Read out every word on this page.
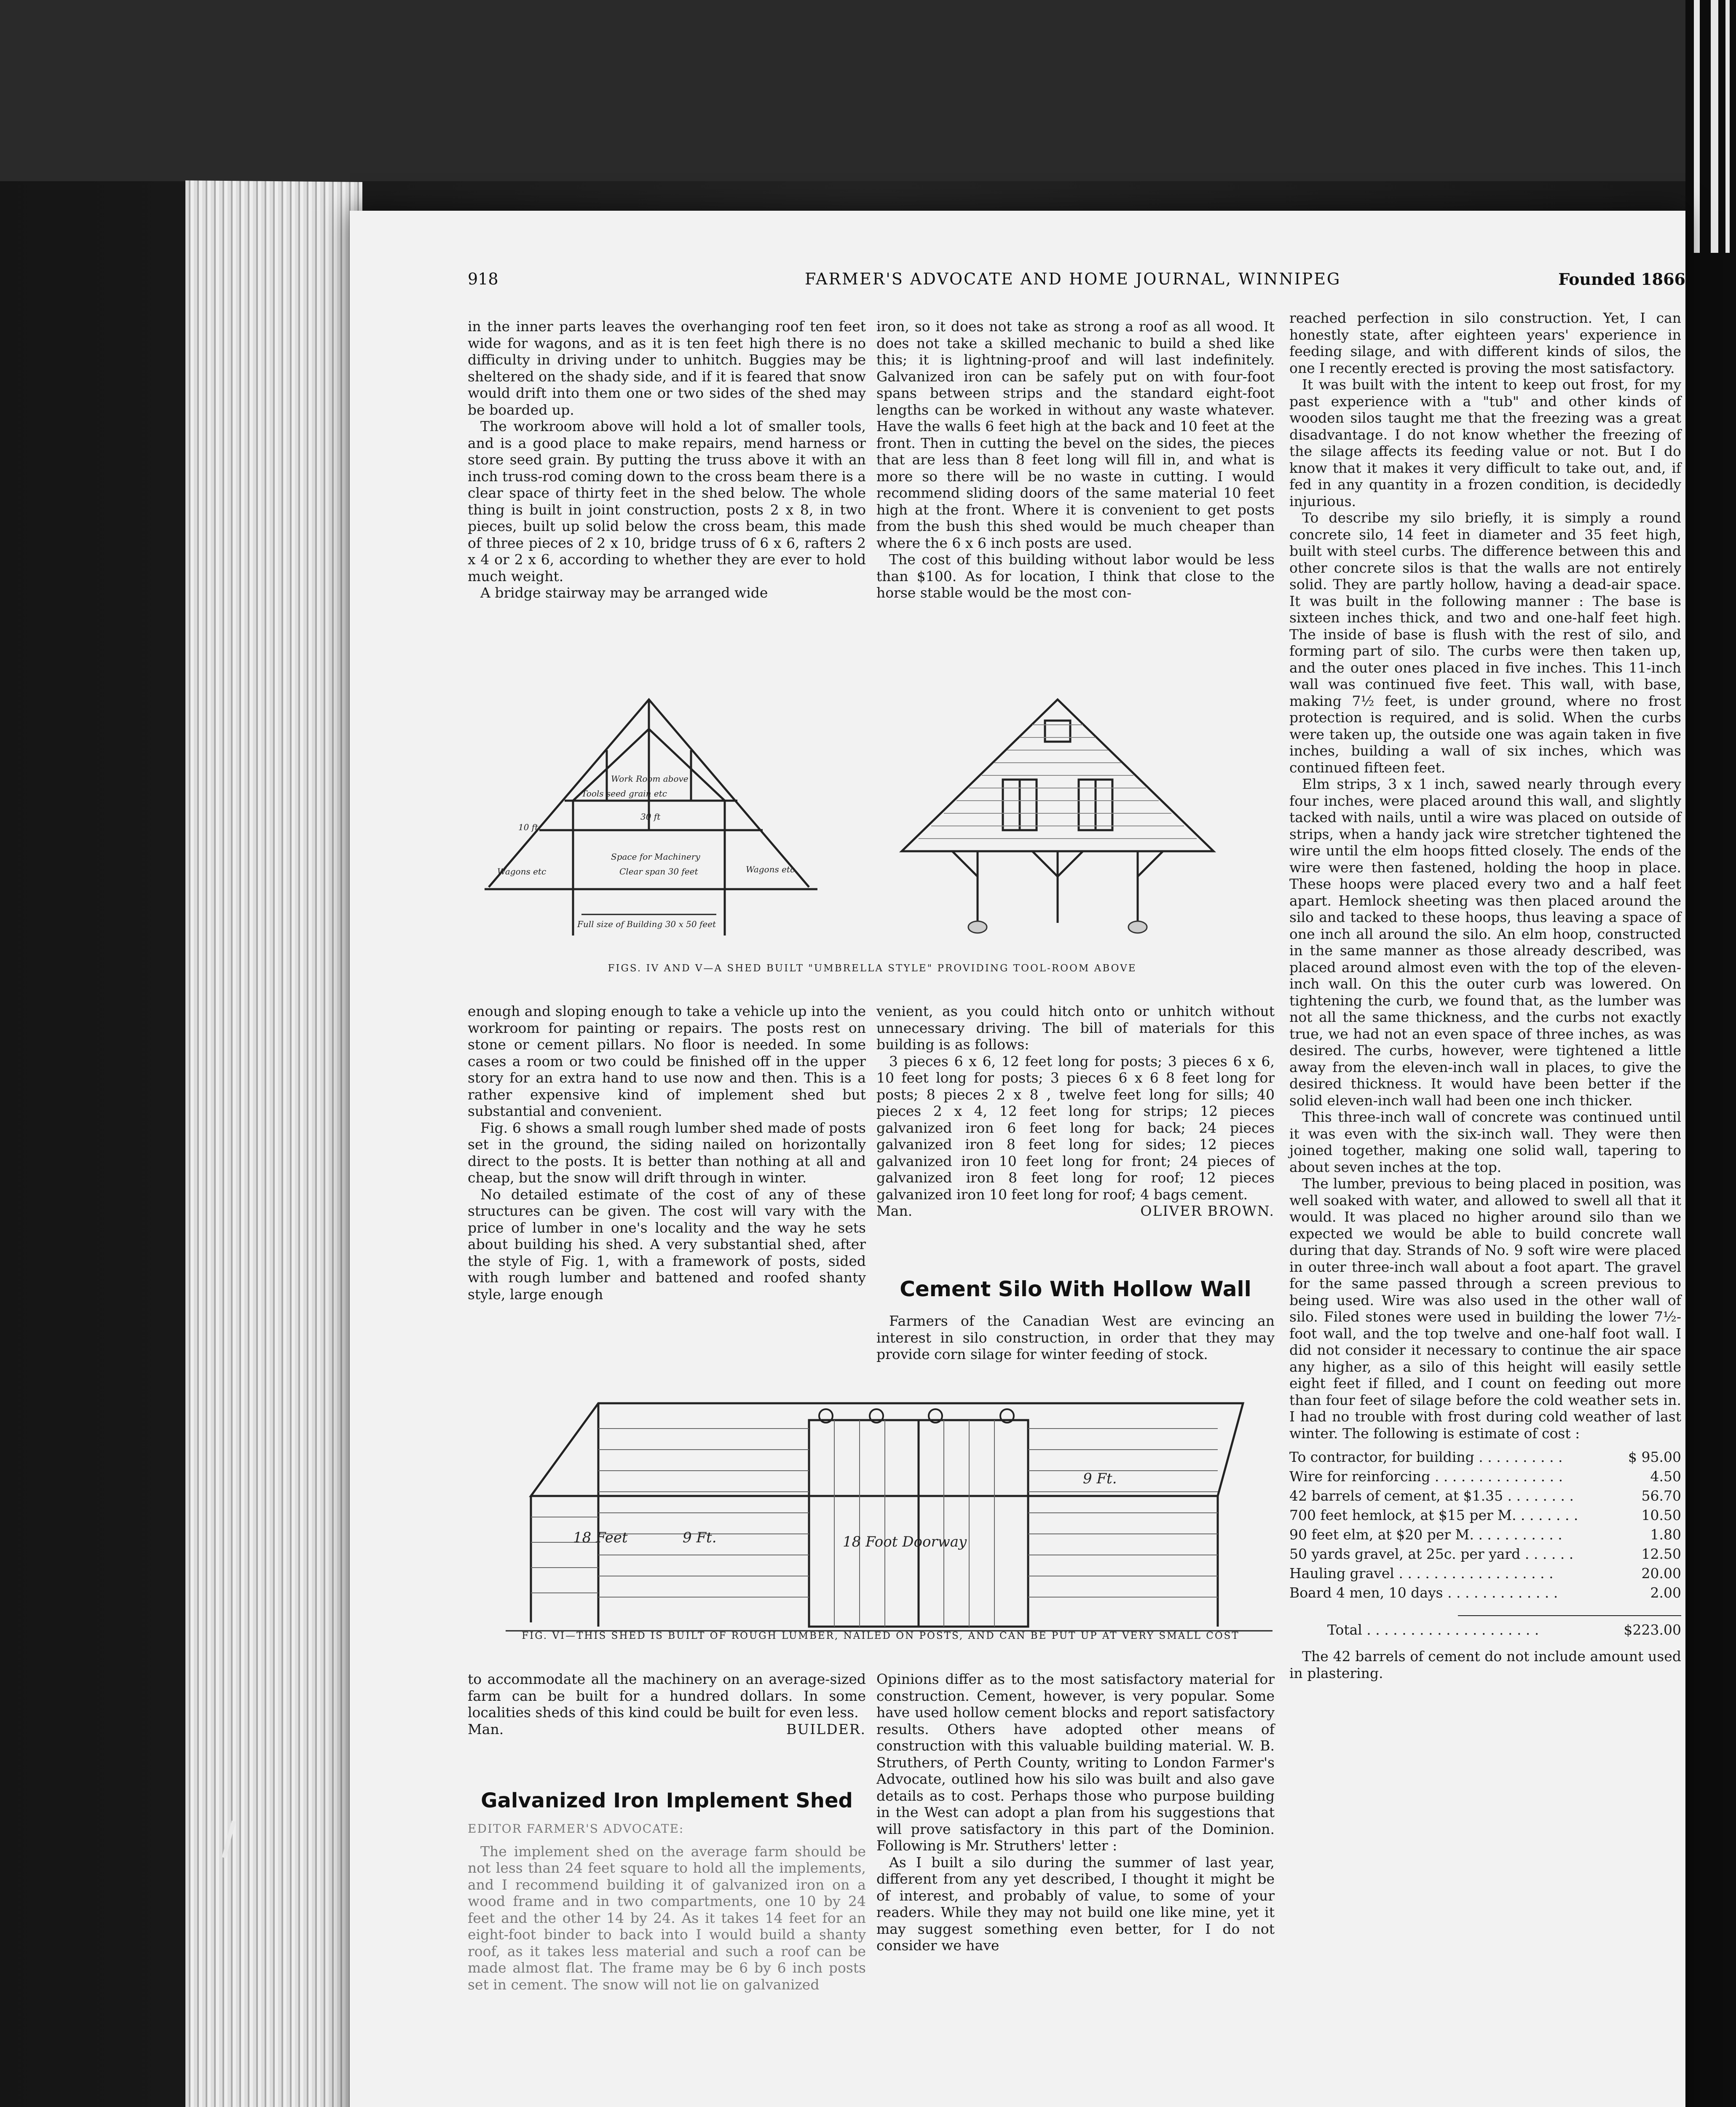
918	FARMER'S ADVOCATE AND HOME JOURNAL, WINNIPEG	Founded 1866

in the inner parts leaves the overhanging roof ten feet wide for wagons, and as it is ten feet high there is no difficulty in driving under to unhitch. Buggies may be sheltered on the shady side, and if it is feared that snow would drift into them one or two sides of the shed may be boarded up.

The workroom above will hold a lot of smaller tools, and is a good place to make repairs, mend harness or store seed grain. By putting the truss above it with an inch truss-rod coming down to the cross beam there is a clear space of thirty feet in the shed below. The whole thing is built in joint construction, posts 2 x 8, in two pieces, built up solid below the cross beam, this made of three pieces of 2 x 10, bridge truss of 6 x 6, rafters 2 x 4 or 2 x 6, according to whether they are ever to hold much weight.

A bridge stairway may be arranged wide

iron, so it does not take as strong a roof as all wood. It does not take a skilled mechanic to build a shed like this; it is lightning-proof and will last indefinitely. Galvanized iron can be safely put on with four-foot spans between strips and the standard eight-foot lengths can be worked in without any waste whatever. Have the walls 6 feet high at the back and 10 feet at the front. Then in cutting the bevel on the sides, the pieces that are less than 8 feet long will fill in, and what is more so there will be no waste in cutting. I would recommend sliding doors of the same material 10 feet high at the front. Where it is convenient to get posts from the bush this shed would be much cheaper than where the 6 x 6 inch posts are used.

The cost of this building without labor would be less than $100. As for location, I think that close to the horse stable would be the most con-

reached perfection in silo construction. Yet, I can honestly state, after eighteen years' experience in feeding silage, and with different kinds of silos, the one I recently erected is proving the most satisfactory.

It was built with the intent to keep out frost, for my past experience with a "tub" and other kinds of wooden silos taught me that the freezing was a great disadvantage. I do not know whether the freezing of the silage affects its feeding value or not. But I do know that it makes it very difficult to take out, and, if fed in any quantity in a frozen condition, is decidedly injurious.

To describe my silo briefly, it is simply a round concrete silo, 14 feet in diameter and 35 feet high, built with steel curbs. The difference between this and other concrete silos is that the walls are not entirely solid. They are partly hollow, having a dead-air space. It was built in the following manner : The base is sixteen inches thick, and two and one-half feet high. The inside of base is flush with the rest of silo, and forming part of silo. The curbs were then taken up, and the outer ones placed in five inches. This 11-inch wall was continued five feet. This wall, with base, making 7½ feet, is under ground, where no frost protection is required, and is solid. When the curbs were taken up, the outside one was again taken in five inches, building a wall of six inches, which was continued fifteen feet.

Elm strips, 3 x 1 inch, sawed nearly through every four inches, were placed around this wall, and slightly tacked with nails, until a wire was placed on outside of strips, when a handy jack wire stretcher tightened the wire until the elm hoops fitted closely. The ends of the wire were then fastened, holding the hoop in place. These hoops were placed every two and a half feet apart. Hemlock sheeting was then placed around the silo and tacked to these hoops, thus leaving a space of one inch all around the silo. An elm hoop, constructed in the same manner as those already described, was placed around almost even with the top of the eleven-inch wall. On this the outer curb was lowered. On tightening the curb, we found that, as the lumber was not all the same thickness, and the curbs not exactly true, we had not an even space of three inches, as was desired. The curbs, however, were tightened a little away from the eleven-inch wall in places, to give the desired thickness. It would have been better if the solid eleven-inch wall had been one inch thicker.

This three-inch wall of concrete was continued until it was even with the six-inch wall. They were then joined together, making one solid wall, tapering to about seven inches at the top.

The lumber, previous to being placed in position, was well soaked with water, and allowed to swell all that it would. It was placed no higher around silo than we expected we would be able to build concrete wall during that day. Strands of No. 9 soft wire were placed in outer three-inch wall about a foot apart. The gravel for the same passed through a screen previous to being used. Wire was also used in the other wall of silo. Filed stones were used in building the lower 7½-foot wall, and the top twelve and one-half foot wall. I did not consider it necessary to continue the air space any higher, as a silo of this height will easily settle eight feet if filled, and I count on feeding out more than four feet of silage before the cold weather sets in. I had no trouble with frost during cold weather of last winter. The following is estimate of cost :

To contractor, for building . . . . . . . . . .	$ 95.00
Wire for reinforcing . . . . . . . . . . . . . . .	4.50
42 barrels of cement, at $1.35 . . . . . . . .	56.70
700 feet hemlock, at $15 per M. . . . . . . .	10.50
90 feet elm, at $20 per M. . . . . . . . . . .	1.80
50 yards gravel, at 25c. per yard . . . . . .	12.50
Hauling gravel . . . . . . . . . . . . . . . . . .	20.00
Board 4 men, 10 days . . . . . . . . . . . . .	2.00
Total . . . . . . . . . . . . . . . . . . . .	$223.00

The 42 barrels of cement do not include amount used in plastering.

Work Room above
Tools seed grain etc
Space for Machinery
Clear span 30 feet
Wagons etc	Wagons etc
Full size of Building 30 x 50 feet
10 ft
30 ft
FIGS. IV AND V—A SHED BUILT "UMBRELLA STYLE" PROVIDING TOOL-ROOM ABOVE

enough and sloping enough to take a vehicle up into the workroom for painting or repairs. The posts rest on stone or cement pillars. No floor is needed. In some cases a room or two could be finished off in the upper story for an extra hand to use now and then. This is a rather expensive kind of implement shed but substantial and convenient.

Fig. 6 shows a small rough lumber shed made of posts set in the ground, the siding nailed on horizontally direct to the posts. It is better than nothing at all and cheap, but the snow will drift through in winter.

No detailed estimate of the cost of any of these structures can be given. The cost will vary with the price of lumber in one's locality and the way he sets about building his shed. A very substantial shed, after the style of Fig. 1, with a framework of posts, sided with rough lumber and battened and roofed shanty style, large enough

venient, as you could hitch onto or unhitch without unnecessary driving. The bill of materials for this building is as follows:

3 pieces 6 x 6, 12 feet long for posts; 3 pieces 6 x 6, 10 feet long for posts; 3 pieces 6 x 6 8 feet long for posts; 8 pieces 2 x 8 , twelve feet long for sills; 40 pieces 2 x 4, 12 feet long for strips; 12 pieces galvanized iron 6 feet long for back; 24 pieces galvanized iron 8 feet long for sides; 12 pieces galvanized iron 10 feet long for front; 24 pieces of galvanized iron 8 feet long for roof; 12 pieces galvanized iron 10 feet long for roof; 4 bags cement.

Man.	OLIVER BROWN.
Cement Silo With Hollow Wall

Farmers of the Canadian West are evincing an interest in silo construction, in order that they may provide corn silage for winter feeding of stock.

18 Feet	9 Ft.	18 Foot Doorway
9 Ft.
FIG. VI—THIS SHED IS BUILT OF ROUGH LUMBER, NAILED ON POSTS, AND CAN BE PUT UP AT VERY SMALL COST

to accommodate all the machinery on an average-sized farm can be built for a hundred dollars. In some localities sheds of this kind could be built for even less.

Man.	BUILDER.
Galvanized Iron Implement Shed

EDITOR FARMER'S ADVOCATE:

The implement shed on the average farm should be not less than 24 feet square to hold all the implements, and I recommend building it of galvanized iron on a wood frame and in two compartments, one 10 by 24 feet and the other 14 by 24. As it takes 14 feet for an eight-foot binder to back into I would build a shanty roof, as it takes less material and such a roof can be made almost flat. The frame may be 6 by 6 inch posts set in cement. The snow will not lie on galvanized

Opinions differ as to the most satisfactory material for construction. Cement, however, is very popular. Some have used hollow cement blocks and report satisfactory results. Others have adopted other means of construction with this valuable building material. W. B. Struthers, of Perth County, writing to London Farmer's Advocate, outlined how his silo was built and also gave details as to cost. Perhaps those who purpose building in the West can adopt a plan from his suggestions that will prove satisfactory in this part of the Dominion. Following is Mr. Struthers' letter :

As I built a silo during the summer of last year, different from any yet described, I thought it might be of interest, and probably of value, to some of your readers. While they may not build one like mine, yet it may suggest something even better, for I do not consider we have
